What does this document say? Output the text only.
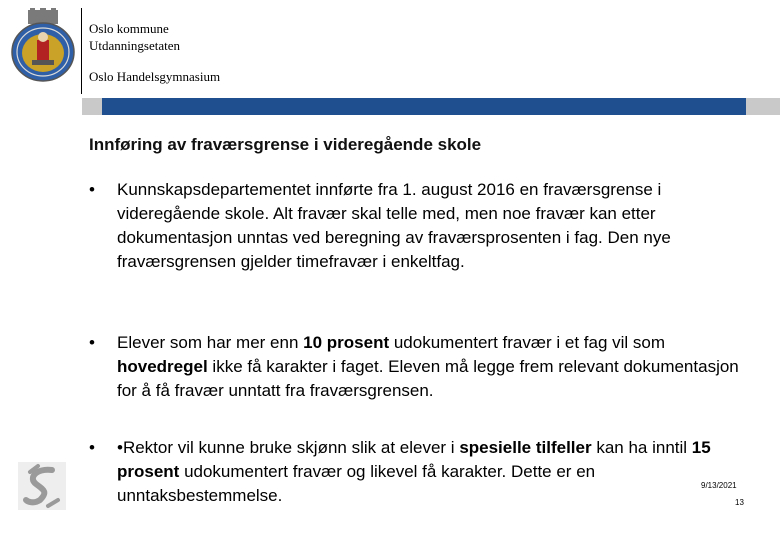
Oslo kommune
Utdanningsetaten
Oslo Handelsgymnasium
Innføring av fraværsgrense i videregående skole
• Kunnskapsdepartementet innførte fra 1. august 2016 en fraværsgrense i videregående skole. Alt fravær skal telle med, men noe fravær kan etter dokumentasjon unntas ved beregning av fraværsprosenten i fag. Den nye fraværsgrensen gjelder timefravær i enkeltfag.
• Elever som har mer enn 10 prosent udokumentert fravær i et fag vil som hovedregel ikke få karakter i faget. Eleven må legge frem relevant dokumentasjon for å få fravær unntatt fra fraværsgrensen.
• •Rektor vil kunne bruke skjønn slik at elever i spesielle tilfeller kan ha inntil 15 prosent udokumentert fravær og likevel få karakter. Dette er en unntaksbestemmelse.
9/13/2021
13
